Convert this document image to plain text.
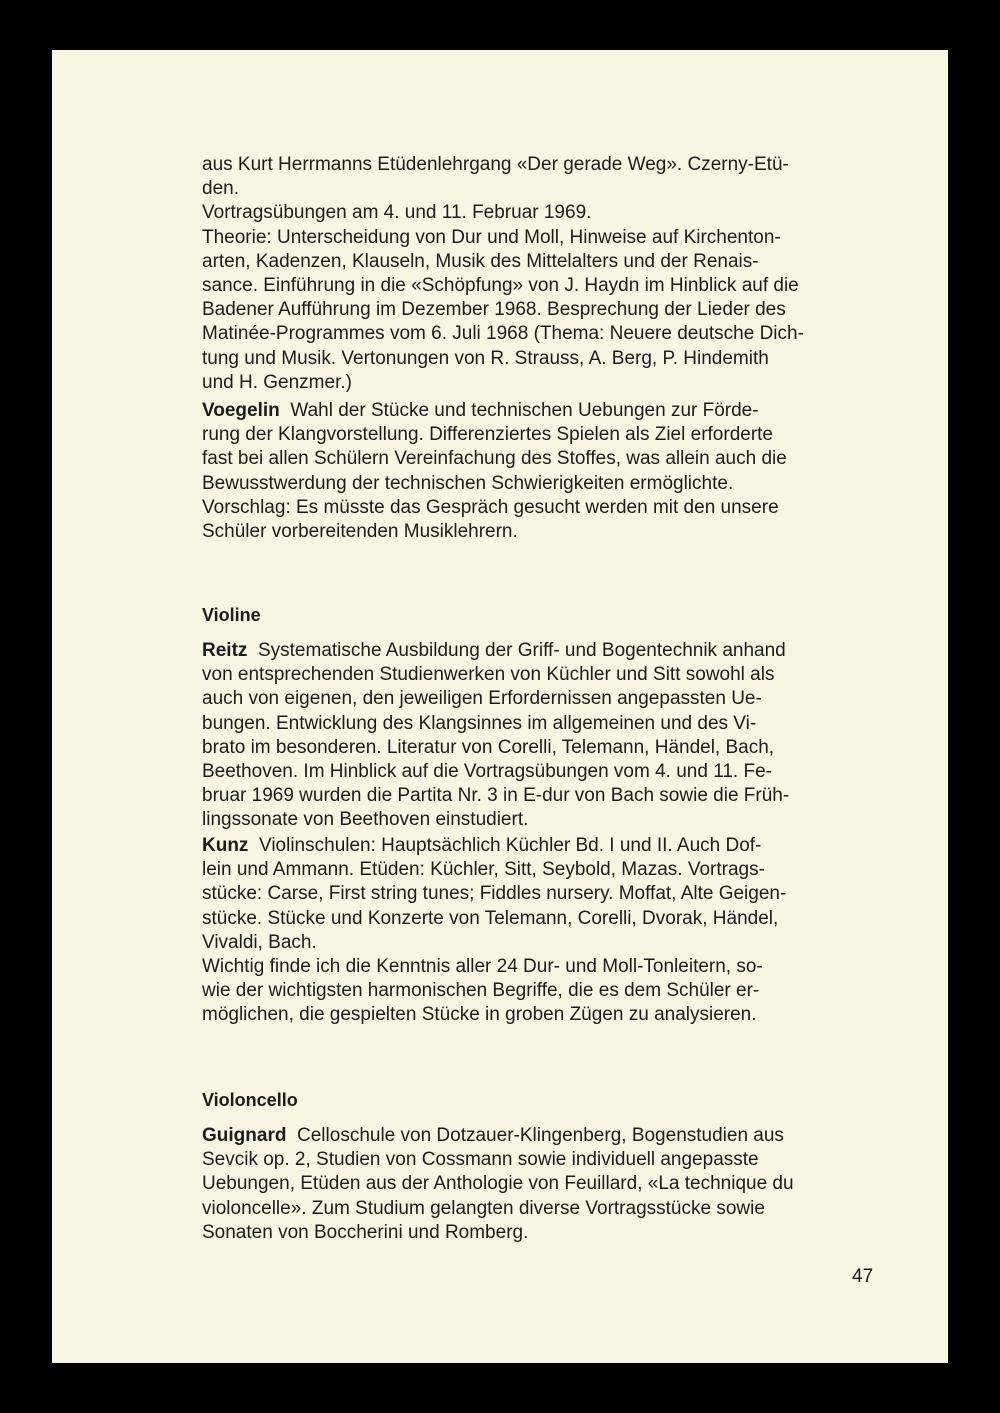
aus Kurt Herrmanns Etüdenlehrgang «Der gerade Weg». Czerny-Etü-

den.

Vortragsübungen am 4. und 11. Februar 1969.

Theorie: Unterscheidung von Dur und Moll, Hinweise auf Kirchenton-

arten, Kadenzen, Klauseln, Musik des Mittelalters und der Renais-

sance. Einführung in die «Schöpfung» von J. Haydn im Hinblick auf die

Badener Aufführung im Dezember 1968. Besprechung der Lieder des

Matinée-Programmes vom 6. Juli 1968 (Thema: Neuere deutsche Dich-

tung und Musik. Vertonungen von R. Strauss, A. Berg, P. Hindemith

und H. Genzmer.)

Voegelin Wahl der Stücke und technischen Uebungen zur Förde-

rung der Klangvorstellung. Differenziertes Spielen als Ziel erforderte

fast bei allen Schülern Vereinfachung des Stoffes, was allein auch die

Bewusstwerdung der technischen Schwierigkeiten ermöglichte.

Vorschlag: Es müsste das Gespräch gesucht werden mit den unsere

Schüler vorbereitenden Musiklehrern.

Violine

Reitz Systematische Ausbildung der Griff- und Bogentechnik anhand

von entsprechenden Studienwerken von Küchler und Sitt sowohl als

auch von eigenen, den jeweiligen Erfordernissen angepassten Ue-

bungen. Entwicklung des Klangsinnes im allgemeinen und des Vi-

brato im besonderen. Literatur von Corelli, Telemann, Händel, Bach,

Beethoven. Im Hinblick auf die Vortragsübungen vom 4. und 11. Fe-

bruar 1969 wurden die Partita Nr. 3 in E-dur von Bach sowie die Früh-

lingssonate von Beethoven einstudiert.

Kunz Violinschulen: Hauptsächlich Küchler Bd. I und II. Auch Dof-

lein und Ammann. Etüden: Küchler, Sitt, Seybold, Mazas. Vortrags-

stücke: Carse, First string tunes; Fiddles nursery. Moffat, Alte Geigen-

stücke. Stücke und Konzerte von Telemann, Corelli, Dvorak, Händel,

Vivaldi, Bach.

Wichtig finde ich die Kenntnis aller 24 Dur- und Moll-Tonleitern, so-

wie der wichtigsten harmonischen Begriffe, die es dem Schüler er-

möglichen, die gespielten Stücke in groben Zügen zu analysieren.

Violoncello

Guignard Celloschule von Dotzauer-Klingenberg, Bogenstudien aus

Sevcik op. 2, Studien von Cossmann sowie individuell angepasste

Uebungen, Etüden aus der Anthologie von Feuillard, «La technique du

violoncelle». Zum Studium gelangten diverse Vortragsstücke sowie

Sonaten von Boccherini und Romberg.

47
